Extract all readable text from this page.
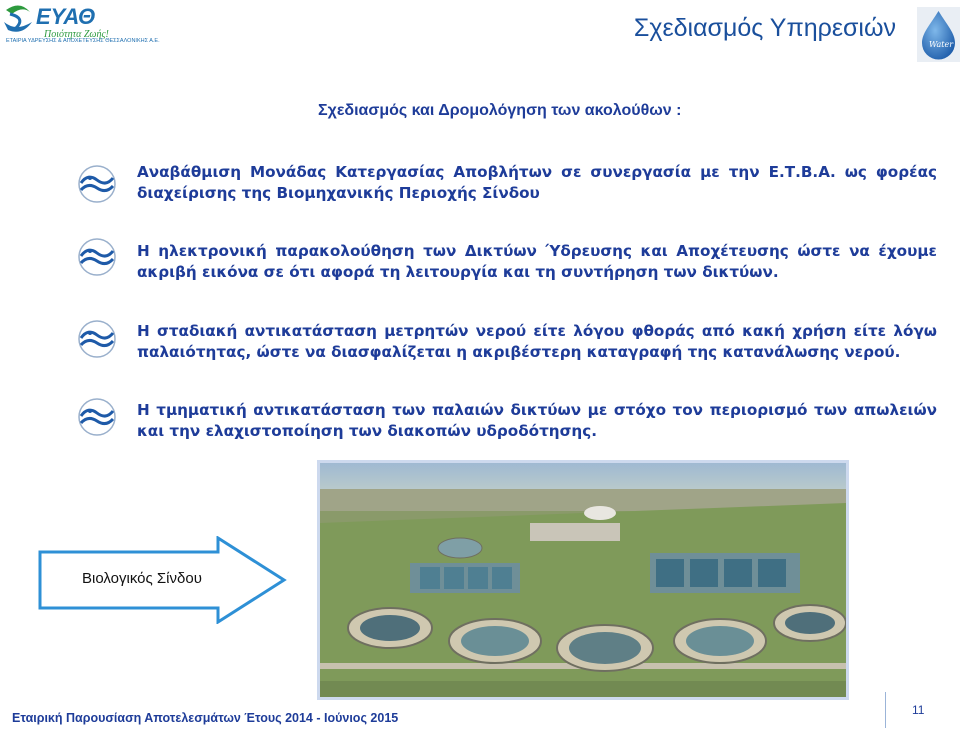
ΕΥΑΘ
Ποιότητα Ζωής!
ΕΤΑΙΡΙΑ ΥΔΡΕΥΣΗΣ & ΑΠΟΧΕΤΕΥΣΗΣ ΘΕΣΣΑΛΟΝΙΚΗΣ Α.Ε.	Σχεδιασμός Υπηρεσιών
Water
Σχεδιασμός και Δρομολόγηση των ακολούθων :
Αναβάθμιση Μονάδας Κατεργασίας Αποβλήτων σε συνεργασία με την Ε.Τ.Β.Α. ως φορέας διαχείρισης της Βιομηχανικής Περιοχής Σίνδου
Η ηλεκτρονική παρακολούθηση των Δικτύων Ύδρευσης και Αποχέτευσης ώστε να έχουμε ακριβή εικόνα σε ότι αφορά τη λειτουργία και τη συντήρηση των δικτύων.
Η σταδιακή αντικατάσταση μετρητών νερού είτε λόγου φθοράς από κακή χρήση είτε λόγω παλαιότητας, ώστε να διασφαλίζεται η ακριβέστερη καταγραφή της κατανάλωσης νερού.
Η τμηματική αντικατάσταση των παλαιών δικτύων με στόχο τον περιορισμό των απωλειών και την ελαχιστοποίηση των διακοπών υδροδότησης.
Βιολογικός Σίνδου
Εταιρική Παρουσίαση Αποτελεσμάτων Έτους 2014 - Ιούνιος 2015
11
